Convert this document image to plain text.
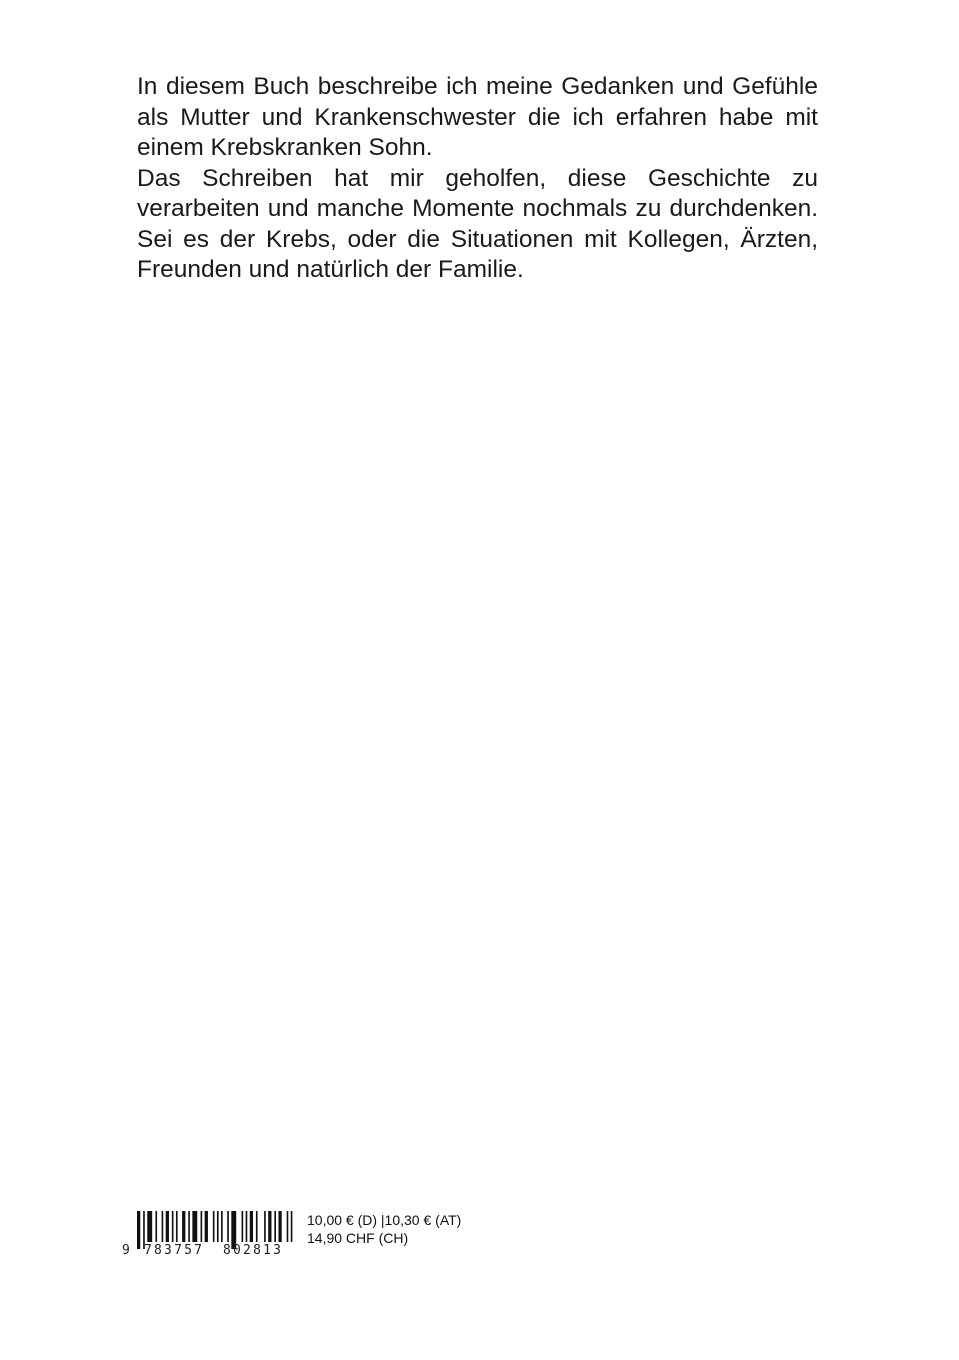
In diesem Buch beschreibe ich meine Gedanken und Gefühle als Mutter und Krankenschwester die ich erfahren habe mit einem Krebskranken Sohn.

Das Schreiben hat mir geholfen, diese Geschichte zu verarbeiten und manche Momente nochmals zu durchdenken. Sei es der Krebs, oder die Situationen mit Kollegen, Ärzten, Freunden und natürlich der Familie.

9 783757 802813
10,00 € (D) |10,30 € (AT)
14,90 CHF (CH)
